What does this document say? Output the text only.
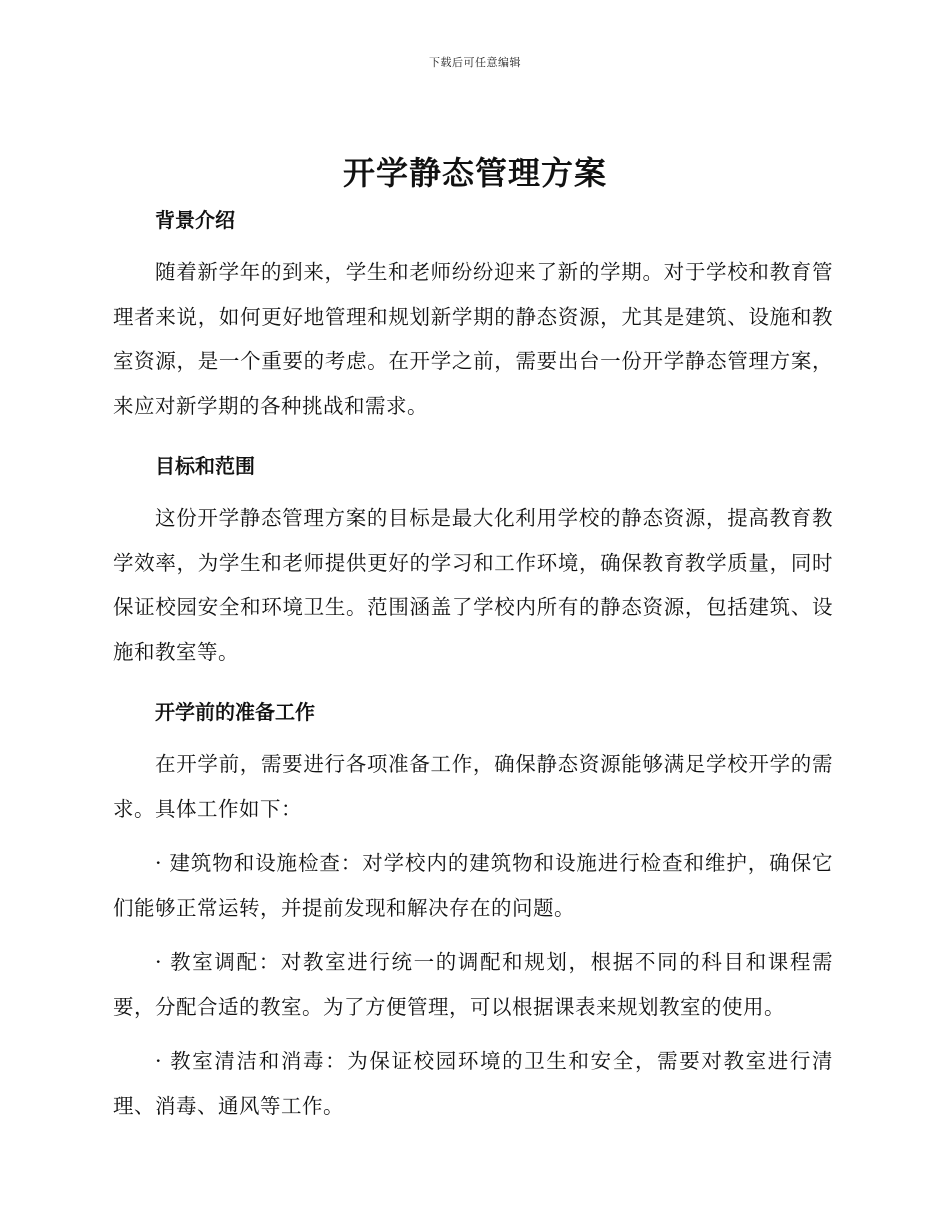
下载后可任意编辑
开学静态管理方案
背景介绍

随着新学年的到来，学生和老师纷纷迎来了新的学期。对于学校和教育管理者来说，如何更好地管理和规划新学期的静态资源，尤其是建筑、设施和教室资源，是一个重要的考虑。在开学之前，需要出台一份开学静态管理方案，来应对新学期的各种挑战和需求。

目标和范围

这份开学静态管理方案的目标是最大化利用学校的静态资源，提高教育教学效率，为学生和老师提供更好的学习和工作环境，确保教育教学质量，同时保证校园安全和环境卫生。范围涵盖了学校内所有的静态资源，包括建筑、设施和教室等。

开学前的准备工作

在开学前，需要进行各项准备工作，确保静态资源能够满足学校开学的需求。具体工作如下：

· 建筑物和设施检查：对学校内的建筑物和设施进行检查和维护，确保它们能够正常运转，并提前发现和解决存在的问题。

· 教室调配：对教室进行统一的调配和规划，根据不同的科目和课程需要，分配合适的教室。为了方便管理，可以根据课表来规划教室的使用。

· 教室清洁和消毒：为保证校园环境的卫生和安全，需要对教室进行清理、消毒、通风等工作。
